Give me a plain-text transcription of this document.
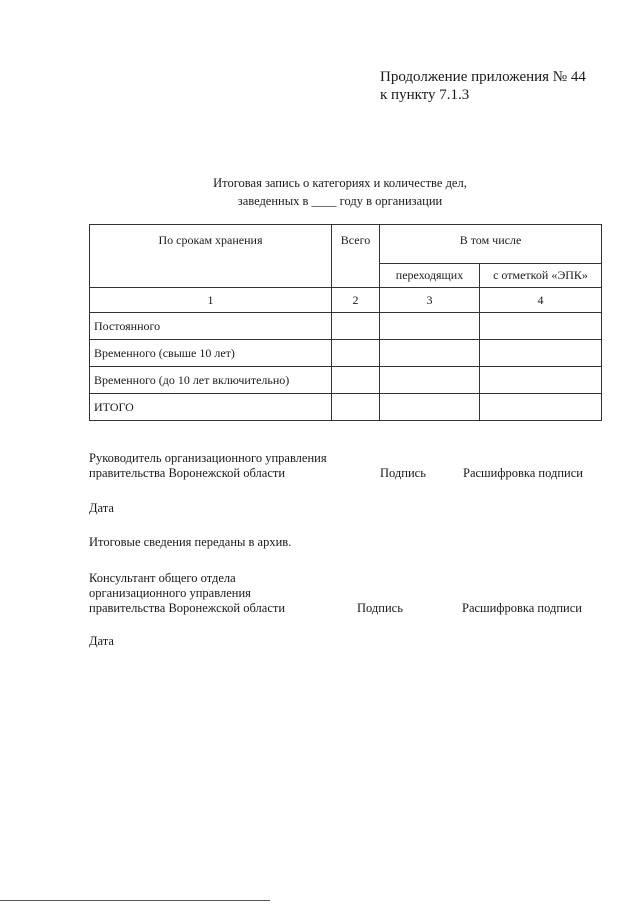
Продолжение приложения № 44
к пункту 7.1.3
Итоговая запись о категориях и количестве дел,
заведенных в ____ году в организации
По срокам хранения	Всего	В том числе	
		переходящих	с отметкой «ЭПК»
1	2	3	4
Постоянного			
Временного (свыше 10 лет)			
Временного (до 10 лет включительно)			
ИТОГО			
Руководитель организационного управления
правительства Воронежской области	Подпись	Расшифровка подписи
Дата
Итоговые сведения переданы в архив.
Консультант общего отдела
организационного управления
правительства Воронежской области	Подпись	Расшифровка подписи
Дата
